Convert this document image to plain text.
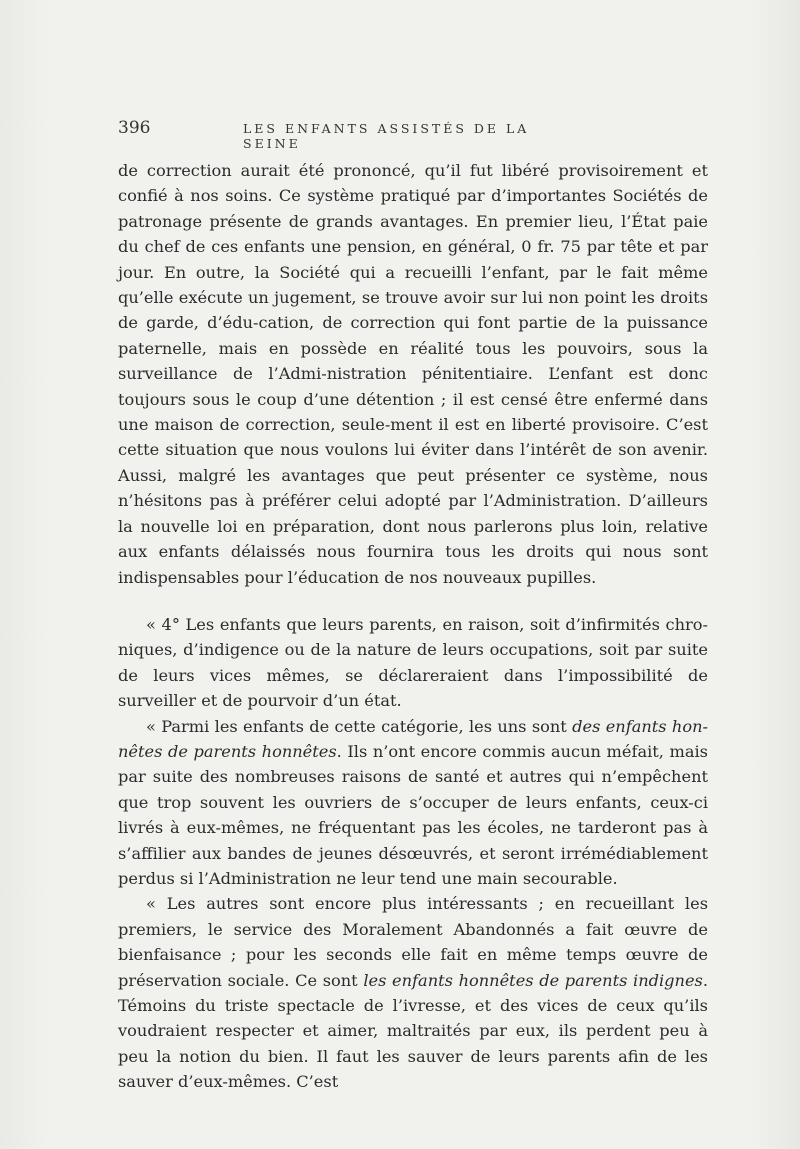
396	LES ENFANTS ASSISTÉS DE LA SEINE

de correction aurait été prononcé, qu’il fut libéré provisoirement et confié à nos soins. Ce système pratiqué par d’importantes Sociétés de patronage présente de grands avantages. En premier lieu, l’État paie du chef de ces enfants une pension, en général, 0 fr. 75 par tête et par jour. En outre, la Société qui a recueilli l’enfant, par le fait même qu’elle exécute un jugement, se trouve avoir sur lui non point les droits de garde, d’édu-cation, de correction qui font partie de la puissance paternelle, mais en possède en réalité tous les pouvoirs, sous la surveillance de l’Admi-nistration pénitentiaire. L’enfant est donc toujours sous le coup d’une détention ; il est censé être enfermé dans une maison de correction, seule-ment il est en liberté provisoire. C’est cette situation que nous voulons lui éviter dans l’intérêt de son avenir. Aussi, malgré les avantages que peut présenter ce système, nous n’hésitons pas à préférer celui adopté par l’Administration. D’ailleurs la nouvelle loi en préparation, dont nous parlerons plus loin, relative aux enfants délaissés nous fournira tous les droits qui nous sont indispensables pour l’éducation de nos nouveaux pupilles.

« 4° Les enfants que leurs parents, en raison, soit d’infirmités chro-niques, d’indigence ou de la nature de leurs occupations, soit par suite de leurs vices mêmes, se déclareraient dans l’impossibilité de surveiller et de pourvoir d’un état.

« Parmi les enfants de cette catégorie, les uns sont des enfants hon-nêtes de parents honnêtes. Ils n’ont encore commis aucun méfait, mais par suite des nombreuses raisons de santé et autres qui n’empêchent que trop souvent les ouvriers de s’occuper de leurs enfants, ceux-ci livrés à eux-mêmes, ne fréquentant pas les écoles, ne tarderont pas à s’affilier aux bandes de jeunes désœuvrés, et seront irrémédiablement perdus si l’Administration ne leur tend une main secourable.

« Les autres sont encore plus intéressants ; en recueillant les premiers, le service des Moralement Abandonnés a fait œuvre de bienfaisance ; pour les seconds elle fait en même temps œuvre de préservation sociale. Ce sont les enfants honnêtes de parents indignes. Témoins du triste spectacle de l’ivresse, et des vices de ceux qu’ils voudraient respecter et aimer, maltraités par eux, ils perdent peu à peu la notion du bien. Il faut les sauver de leurs parents afin de les sauver d’eux-mêmes. C’est
